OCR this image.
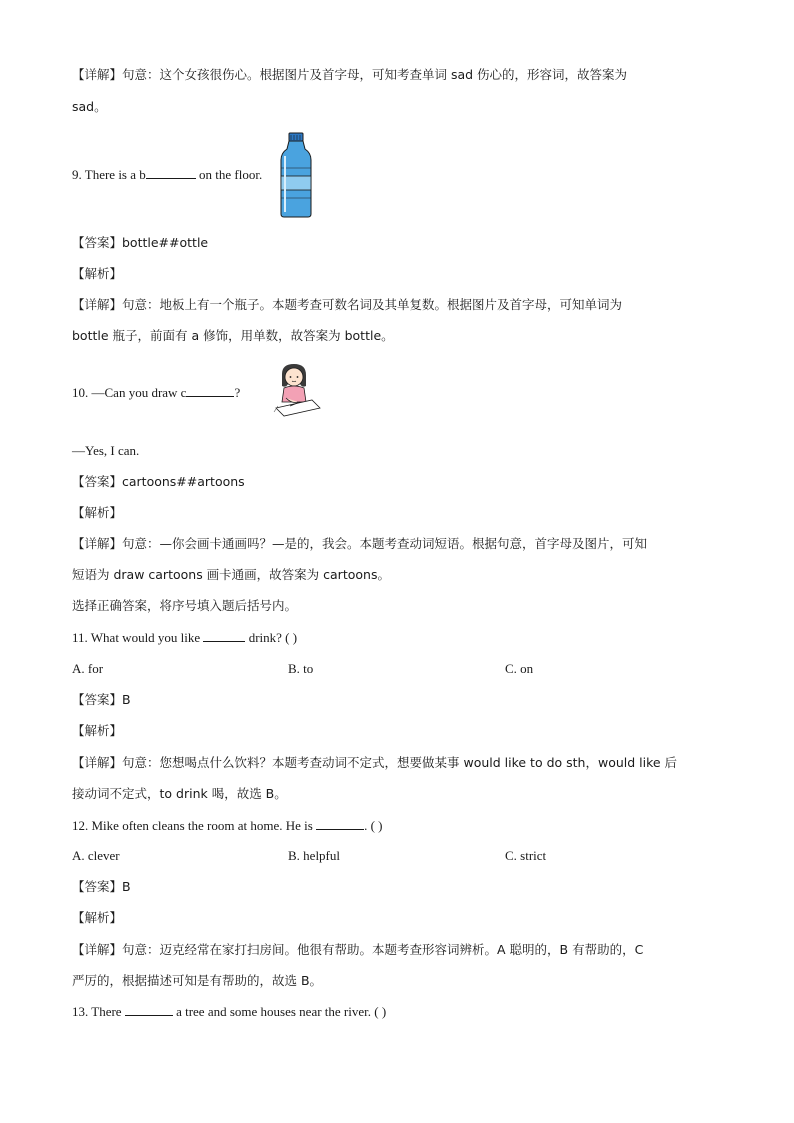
【详解】句意：这个女孩很伤心。根据图片及首字母，可知考查单词 sad 伤心的，形容词，故答案为
sad。
9. There is a b	on the floor.
【答案】bottle##ottle
【解析】
【详解】句意：地板上有一个瓶子。本题考查可数名词及其单复数。根据图片及首字母，可知单词为
bottle 瓶子，前面有 a 修饰，用单数，故答案为 bottle。
10. —Can you draw c	?
—Yes, I can.
【答案】cartoons##artoons
【解析】
【详解】句意：—你会画卡通画吗？—是的，我会。本题考查动词短语。根据句意，首字母及图片，可知
短语为 draw cartoons 画卡通画，故答案为 cartoons。
选择正确答案，将序号填入题后括号内。
11. What would you like	drink? ( )
A. for	B. to	C. on
【答案】B
【解析】
【详解】句意：您想喝点什么饮料？本题考查动词不定式，想要做某事 would like to do sth，would like 后
接动词不定式，to drink 喝，故选 B。
12. Mike often cleans the room at home. He is	. ( )
A. clever	B. helpful	C. strict
【答案】B
【解析】
【详解】句意：迈克经常在家打扫房间。他很有帮助。本题考查形容词辨析。A 聪明的，B 有帮助的，C
严厉的，根据描述可知是有帮助的，故选 B。
13. There	a tree and some houses near the river. ( )
